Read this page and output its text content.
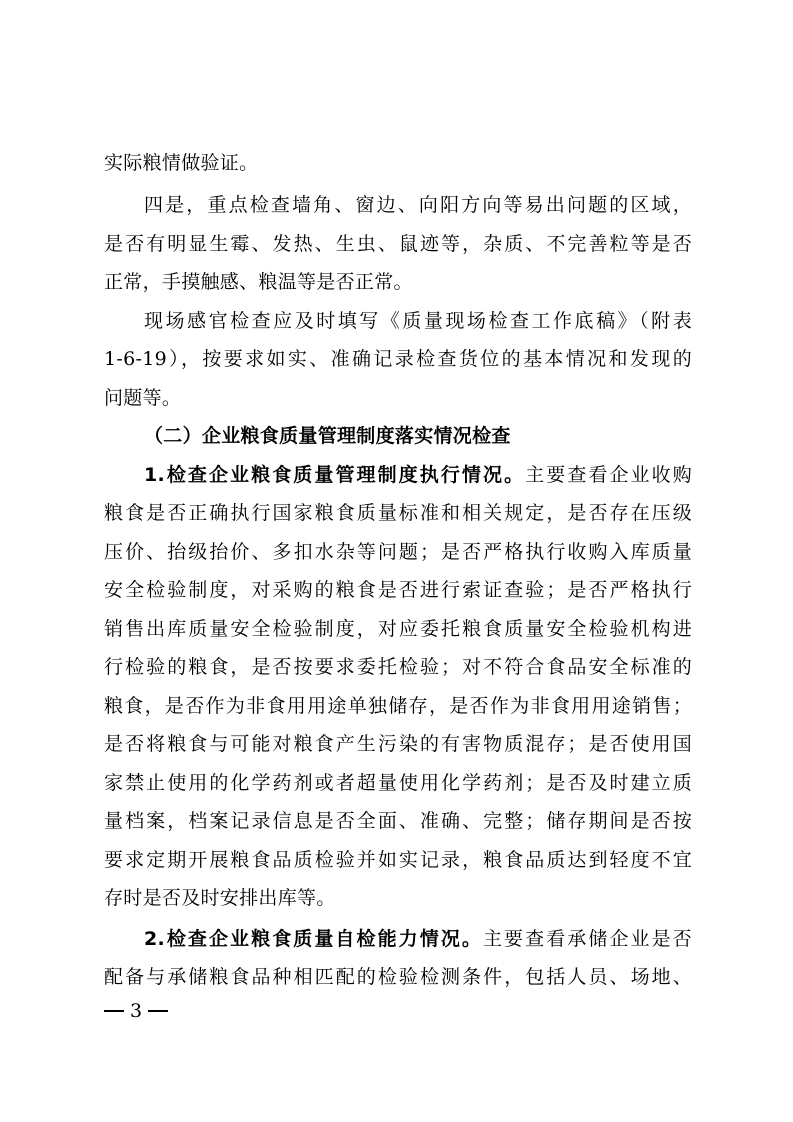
实际粮情做验证。
四是，重点检查墙角、窗边、向阳方向等易出问题的区域，
是否有明显生霉、发热、生虫、鼠迹等，杂质、不完善粒等是否
正常，手摸触感、粮温等是否正常。
现场感官检查应及时填写《质量现场检查工作底稿》（附表
1-6-19），按要求如实、准确记录检查货位的基本情况和发现的
问题等。
（二）企业粮食质量管理制度落实情况检查
1.检查企业粮食质量管理制度执行情况。主要查看企业收购
粮食是否正确执行国家粮食质量标准和相关规定，是否存在压级
压价、抬级抬价、多扣水杂等问题；是否严格执行收购入库质量
安全检验制度，对采购的粮食是否进行索证查验；是否严格执行
销售出库质量安全检验制度，对应委托粮食质量安全检验机构进
行检验的粮食，是否按要求委托检验；对不符合食品安全标准的
粮食，是否作为非食用用途单独储存，是否作为非食用用途销售；
是否将粮食与可能对粮食产生污染的有害物质混存；是否使用国
家禁止使用的化学药剂或者超量使用化学药剂；是否及时建立质
量档案，档案记录信息是否全面、准确、完整；储存期间是否按
要求定期开展粮食品质检验并如实记录，粮食品质达到轻度不宜
存时是否及时安排出库等。
2.检查企业粮食质量自检能力情况。主要查看承储企业是否
配备与承储粮食品种相匹配的检验检测条件，包括人员、场地、
3
